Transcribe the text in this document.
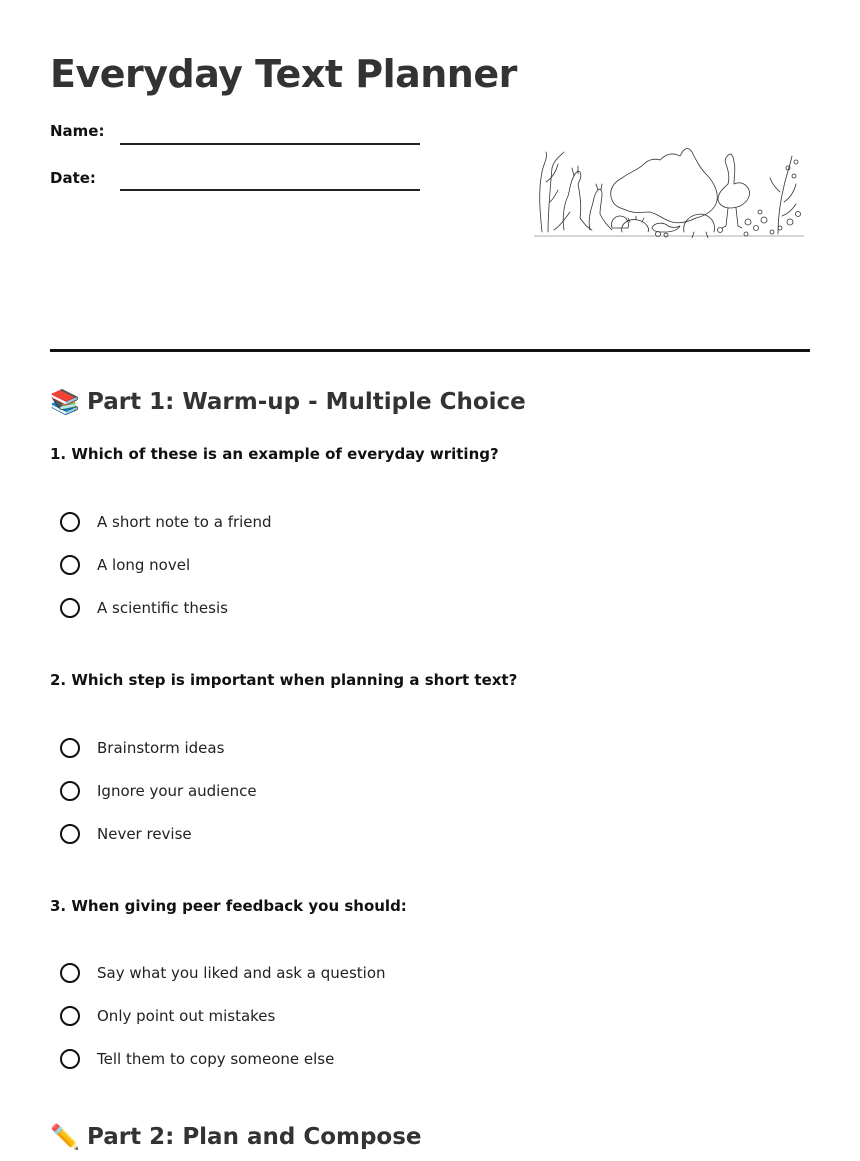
Everyday Text Planner
Name:
Date:
📚 Part 1: Warm-up - Multiple Choice
1. Which of these is an example of everyday writing?
A short note to a friend
A long novel
A scientific thesis
2. Which step is important when planning a short text?
Brainstorm ideas
Ignore your audience
Never revise
3. When giving peer feedback you should:
Say what you liked and ask a question
Only point out mistakes
Tell them to copy someone else
✏️ Part 2: Plan and Compose
